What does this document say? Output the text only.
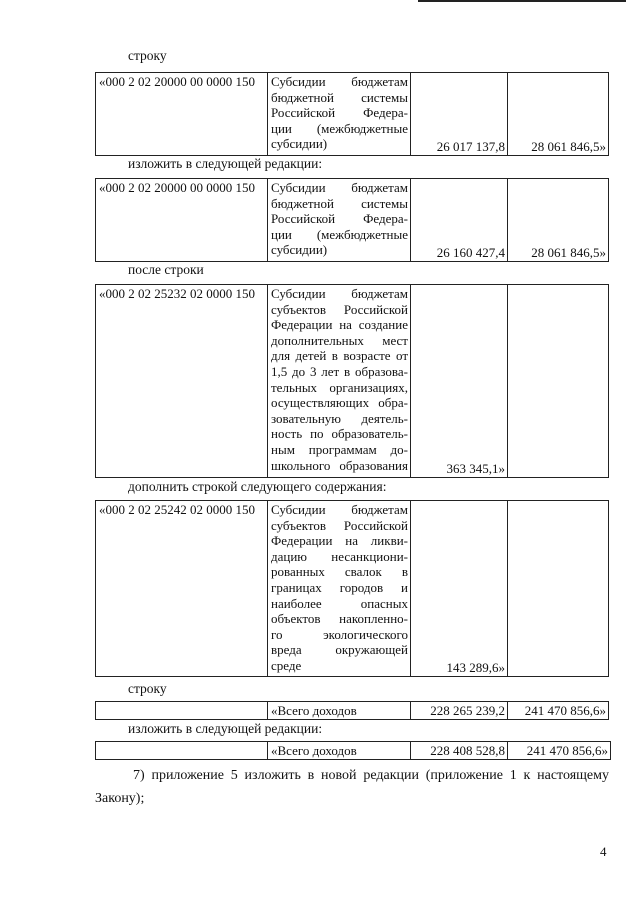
строку
«000 2 02 20000 00 0000 150	Субсидии бюджетам
бюджетной системы
Российской Федера-
ции (межбюджетные
субсидии)	26 017 137,8	28 061 846,5»
изложить в следующей редакции:
«000 2 02 20000 00 0000 150	Субсидии бюджетам
бюджетной системы
Российской Федера-
ции (межбюджетные
субсидии)	26 160 427,4	28 061 846,5»
после строки
«000 2 02 25232 02 0000 150	Субсидии бюджетам
субъектов Российской
Федерации на создание
дополнительных мест
для детей в возрасте от
1,5 до 3 лет в образова-
тельных организациях,
осуществляющих обра-
зовательную деятель-
ность по образователь-
ным программам до-
школьного образования	363 345,1»	
дополнить строкой следующего содержания:
«000 2 02 25242 02 0000 150	Субсидии бюджетам
субъектов Российской
Федерации на ликви-
дацию несанкциони-
рованных свалок в
границах городов и
наиболее опасных
объектов накопленно-
го экологического
вреда окружающей
среде	143 289,6»	
строку
	«Всего доходов	228 265 239,2	241 470 856,6»
изложить в следующей редакции:
	«Всего доходов	228 408 528,8	241 470 856,6»
7) приложение 5 изложить в новой редакции (приложение 1 к настоящему Закону);
4
